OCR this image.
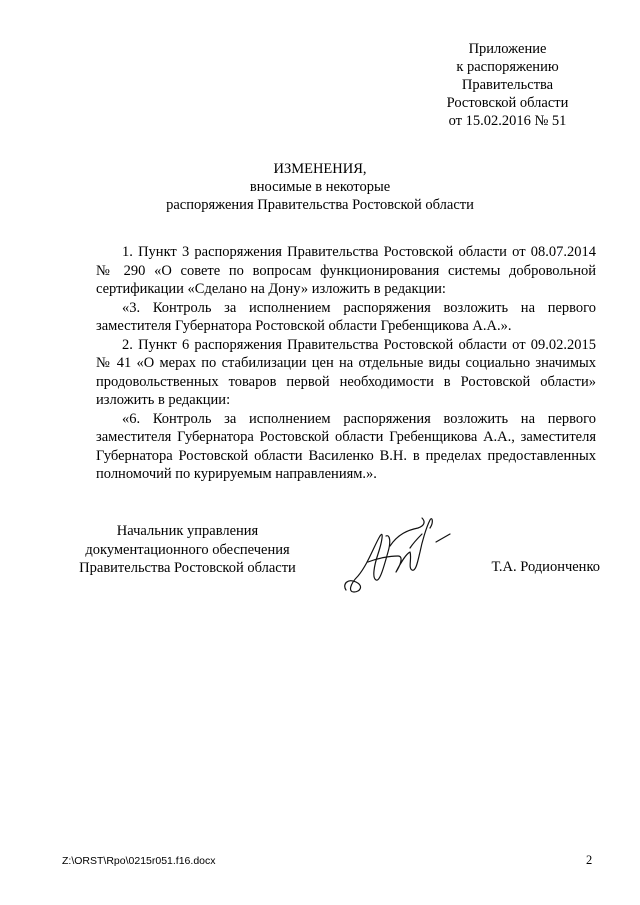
Приложение
к распоряжению
Правительства
Ростовской области
от 15.02.2016 № 51
ИЗМЕНЕНИЯ,
вносимые в некоторые
распоряжения Правительства Ростовской области

1. Пункт 3 распоряжения Правительства Ростовской области от 08.07.2014 № 290 «О совете по вопросам функционирования системы добровольной сертификации «Сделано на Дону» изложить в редакции:

«3. Контроль за исполнением распоряжения возложить на первого заместителя Губернатора Ростовской области Гребенщикова А.А.».

2. Пункт 6 распоряжения Правительства Ростовской области от 09.02.2015 № 41 «О мерах по стабилизации цен на отдельные виды социально значимых продовольственных товаров первой необходимости в Ростовской области» изложить в редакции:

«6. Контроль за исполнением распоряжения возложить на первого заместителя Губернатора Ростовской области Гребенщикова А.А., заместителя Губернатора Ростовской области Василенко В.Н. в пределах предоставленных полномочий по курируемым направлениям.».

Начальник управления
документационного обеспечения
Правительства Ростовской области	Т.А. Родионченко
Z:\ORST\Rpo\0215r051.f16.docx	2
